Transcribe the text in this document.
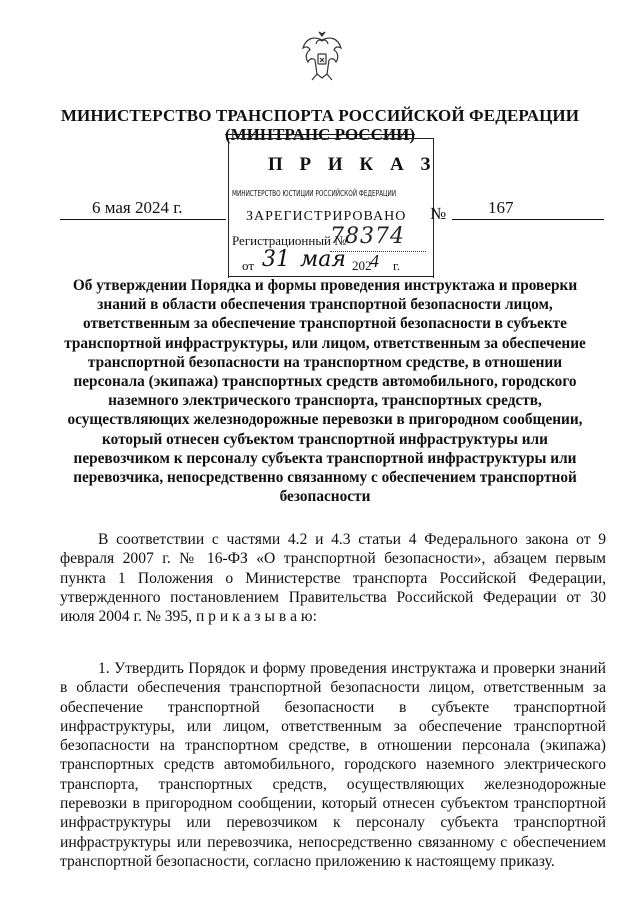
МИНИСТЕРСТВО ТРАНСПОРТА РОССИЙСКОЙ ФЕДЕРАЦИИ
(МИНТРАНС РОССИИ)
П Р И К А З
МИНИСТЕРСТВО ЮСТИЦИИ РОССИЙСКОЙ ФЕДЕРАЦИИ
ЗАРЕГИСТРИРОВАНО
Регистрационный №
78374
от 31 мая 202
4 г.
6 мая 2024 г.	№ 167
Об утверждении Порядка и формы проведения инструктажа и проверки знаний в области обеспечения транспортной безопасности лицом, ответственным за обеспечение транспортной безопасности в субъекте транспортной инфраструктуры, или лицом, ответственным за обеспечение транспортной безопасности на транспортном средстве, в отношении персонала (экипажа) транспортных средств автомобильного, городского наземного электрического транспорта, транспортных средств, осуществляющих железнодорожные перевозки в пригородном сообщении, который отнесен субъектом транспортной инфраструктуры или перевозчиком к персоналу субъекта транспортной инфраструктуры или перевозчика, непосредственно связанному с обеспечением транспортной безопасности
В соответствии с частями 4.2 и 4.3 статьи 4 Федерального закона от 9 февраля 2007 г. № 16-ФЗ «О транспортной безопасности», абзацем первым пункта 1 Положения о Министерстве транспорта Российской Федерации, утвержденного постановлением Правительства Российской Федерации от 30 июля 2004 г. № 395, п р и к а з ы в а ю:
1. Утвердить Порядок и форму проведения инструктажа и проверки знаний в области обеспечения транспортной безопасности лицом, ответственным за обеспечение транспортной безопасности в субъекте транспортной инфраструктуры, или лицом, ответственным за обеспечение транспортной безопасности на транспортном средстве, в отношении персонала (экипажа) транспортных средств автомобильного, городского наземного электрического транспорта, транспортных средств, осуществляющих железнодорожные перевозки в пригородном сообщении, который отнесен субъектом транспортной инфраструктуры или перевозчиком к персоналу субъекта транспортной инфраструктуры или перевозчика, непосредственно связанному с обеспечением транспортной безопасности, согласно приложению к настоящему приказу.
